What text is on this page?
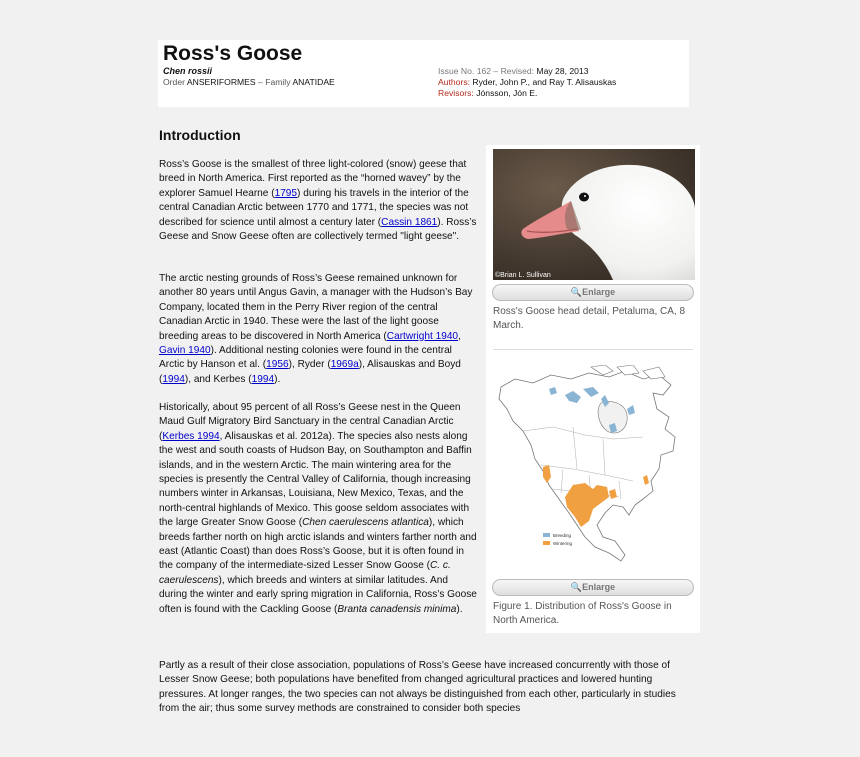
Ross's Goose
Chen rossii
Order ANSERIFORMES – Family ANATIDAE
Issue No. 162 – Revised: May 28, 2013
Authors: Ryder, John P., and Ray T. Alisauskas
Revisors: Jónsson, Jón E.
Introduction
Ross’s Goose is the smallest of three light-colored (snow) geese that breed in North America. First reported as the “horned wavey” by the explorer Samuel Hearne (1795) during his travels in the interior of the central Canadian Arctic between 1770 and 1771, the species was not described for science until almost a century later (Cassin 1861). Ross’s Geese and Snow Geese often are collectively termed "light geese".
The arctic nesting grounds of Ross’s Geese remained unknown for another 80 years until Angus Gavin, a manager with the Hudson’s Bay Company, located them in the Perry River region of the central Canadian Arctic in 1940. These were the last of the light goose breeding areas to be discovered in North America (Cartwright 1940, Gavin 1940). Additional nesting colonies were found in the central Arctic by Hanson et al. (1956), Ryder (1969a), Alisauskas and Boyd (1994), and Kerbes (1994).
Historically, about 95 percent of all Ross’s Geese nest in the Queen Maud Gulf Migratory Bird Sanctuary in the central Canadian Arctic (Kerbes 1994, Alisauskas et al. 2012a). The species also nests along the west and south coasts of Hudson Bay, on Southampton and Baffin islands, and in the western Arctic. The main wintering area for the species is presently the Central Valley of California, though increasing numbers winter in Arkansas, Louisiana, New Mexico, Texas, and the north-central highlands of Mexico. This goose seldom associates with the large Greater Snow Goose (Chen caerulescens atlantica), which breeds farther north on high arctic islands and winters farther north and east (Atlantic Coast) than does Ross’s Goose, but it is often found in the company of the intermediate-sized Lesser Snow Goose (C. c. caerulescens), which breeds and winters at similar latitudes. And during the winter and early spring migration in California, Ross’s Goose often is found with the Cackling Goose (Branta canadensis minima).
Partly as a result of their close association, populations of Ross’s Geese have increased concurrently with those of Lesser Snow Geese; both populations have benefited from changed agricultural practices and lowered hunting pressures. At longer ranges, the two species can not always be distinguished from each other, particularly in studies from the air; thus some survey methods are constrained to consider both species
©Brian L. Sullivan
🔍Enlarge
Ross's Goose head detail, Petaluma, CA, 8 March.
Breeding
Wintering
🔍Enlarge
Figure 1. Distribution of Ross's Goose in North America.
